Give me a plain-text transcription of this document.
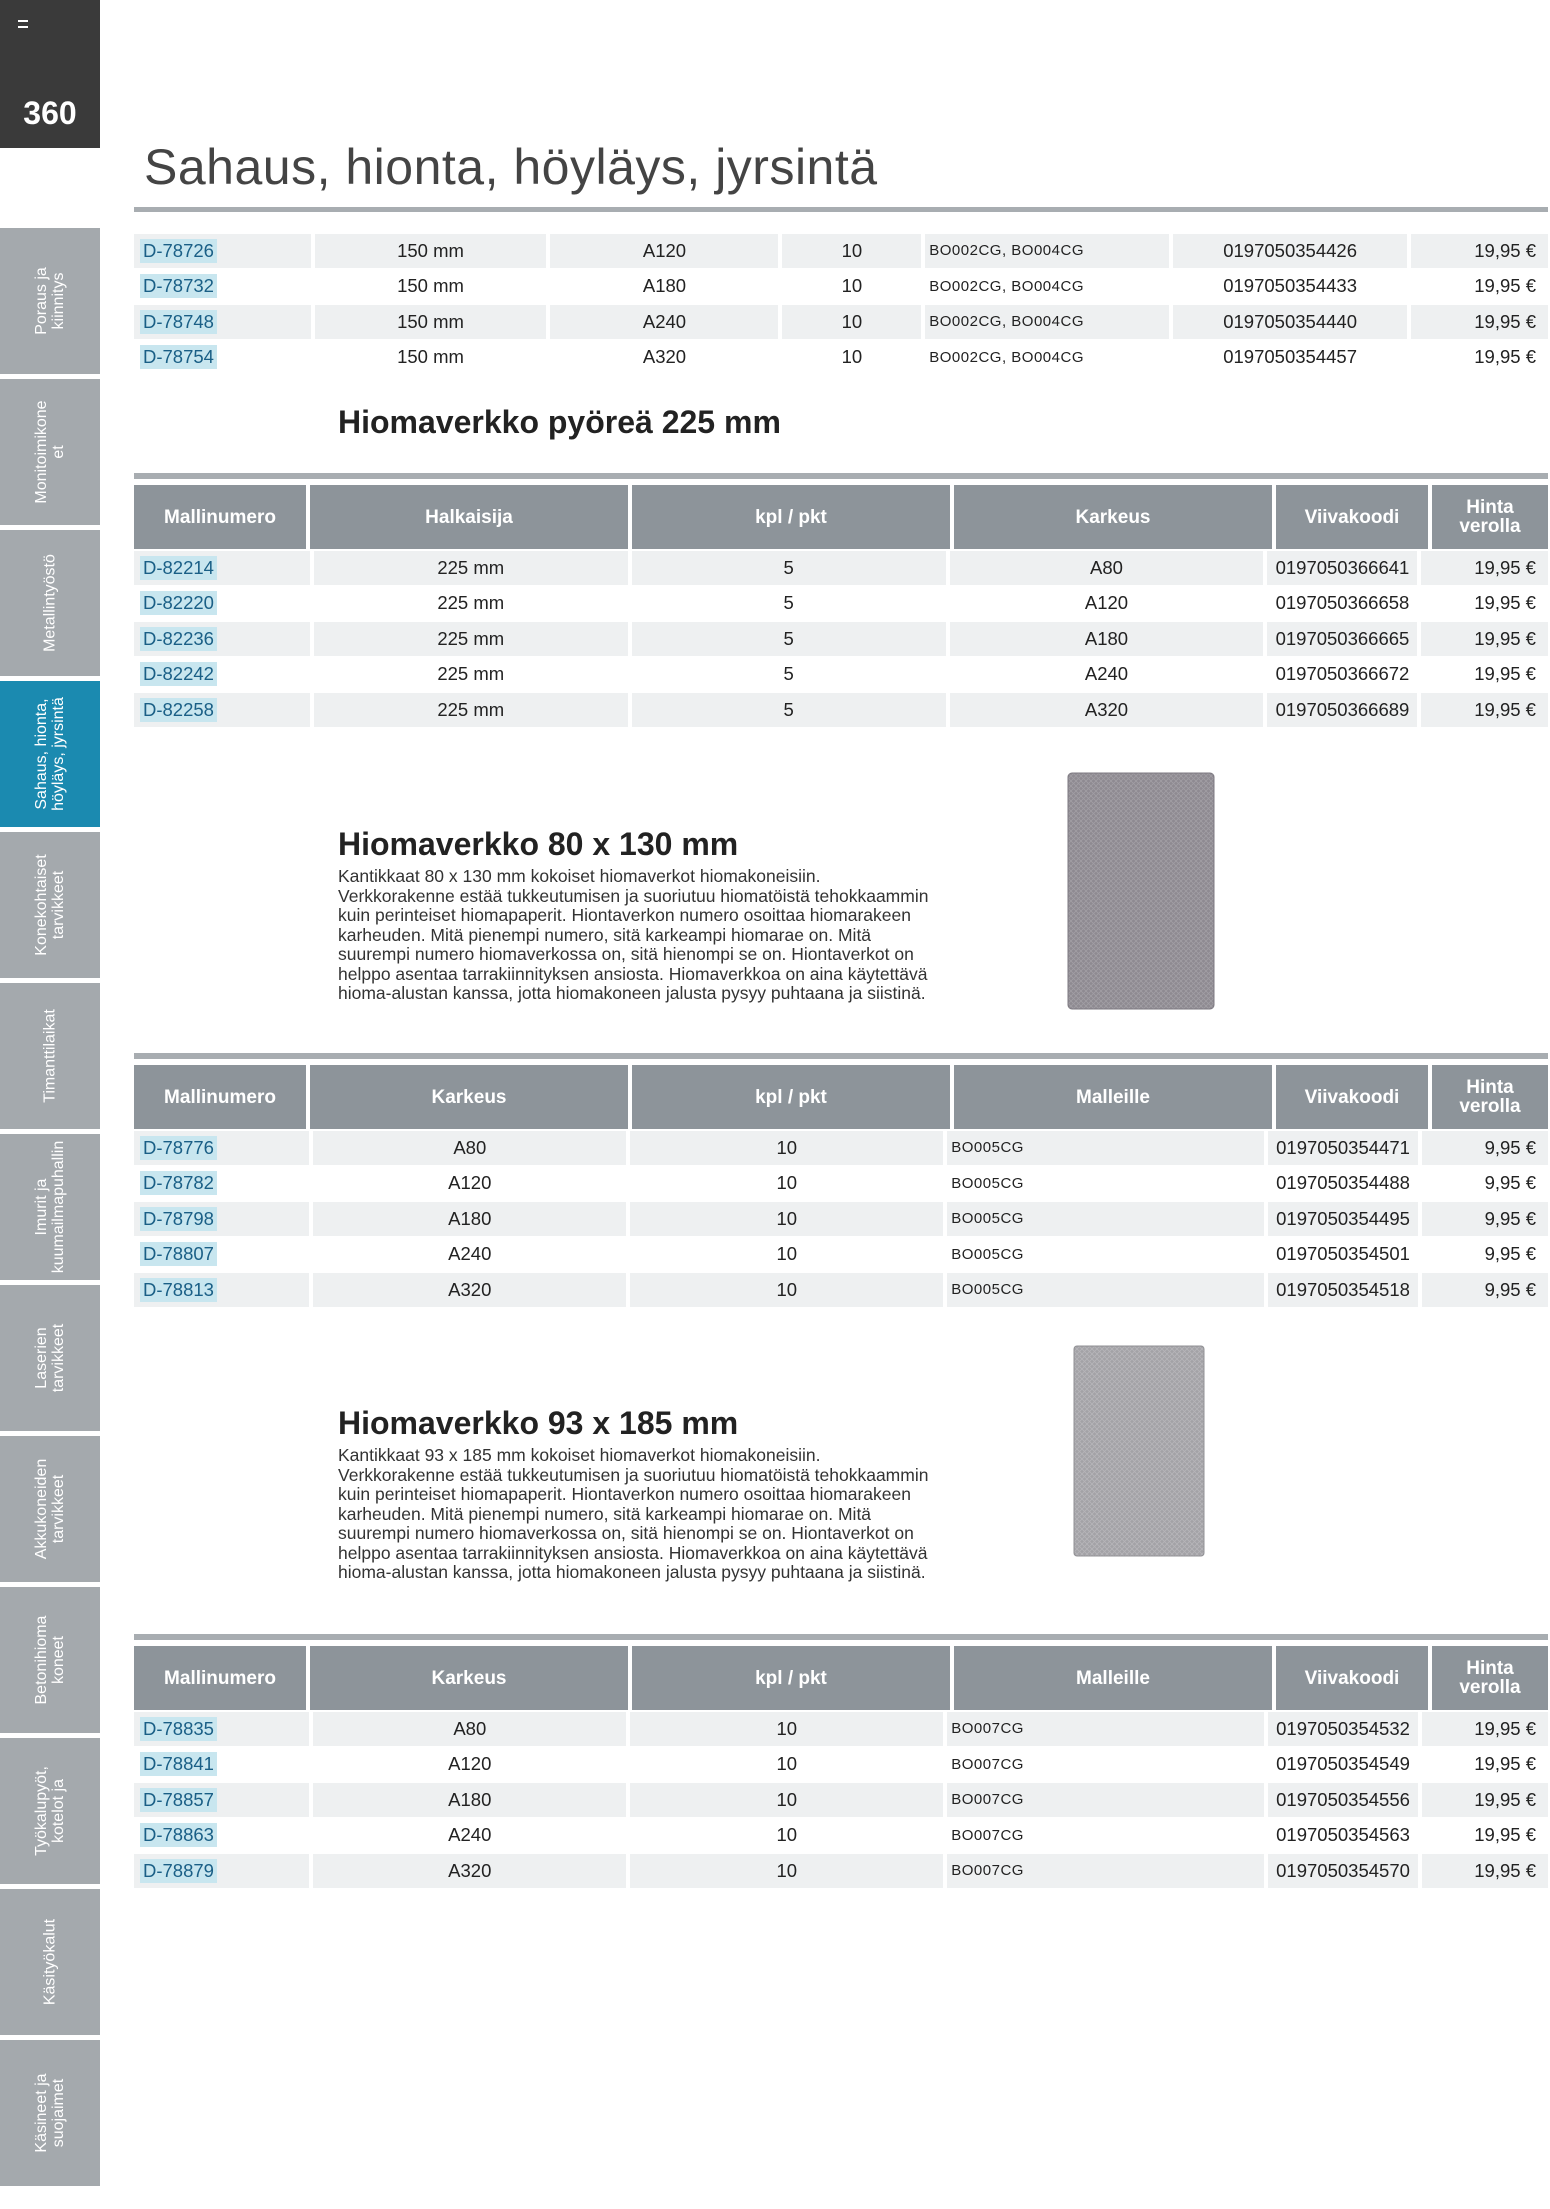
360
Poraus ja
kiinnitys
Monitoimikone
et
Metallintyöstö
Sahaus, hionta,
höyläys, jyrsintä
Konekohtaiset
tarvikkeet
Timanttilaikat
Imurit ja
kuumailmapuhallin
Laserien
tarvikkeet
Akkukoneiden
tarvikkeet
Betonihioma
koneet
Työkalupyöt,
kotelot ja
Käsityökalut
Käsineet ja
suojaimet
Sahaus, hionta, höyläys, jyrsintä
D-78726	150 mm	A120	10	BO002CG, BO004CG	0197050354426	19,95 €
D-78732	150 mm	A180	10	BO002CG, BO004CG	0197050354433	19,95 €
D-78748	150 mm	A240	10	BO002CG, BO004CG	0197050354440	19,95 €
D-78754	150 mm	A320	10	BO002CG, BO004CG	0197050354457	19,95 €
Hiomaverkko pyöreä 225 mm
Mallinumero	Halkaisija	kpl / pkt	Karkeus	Viivakoodi	Hinta
verolla
D-82214	225 mm	5	A80	0197050366641	19,95 €
D-82220	225 mm	5	A120	0197050366658	19,95 €
D-82236	225 mm	5	A180	0197050366665	19,95 €
D-82242	225 mm	5	A240	0197050366672	19,95 €
D-82258	225 mm	5	A320	0197050366689	19,95 €
Hiomaverkko 80 x 130 mm
Kantikkaat 80 x 130 mm kokoiset hiomaverkot hiomakoneisiin. Verkkorakenne estää tukkeutumisen ja suoriutuu hiomatöistä tehokkaammin kuin perinteiset hiomapaperit. Hiontaverkon numero osoittaa hiomarakeen karheuden. Mitä pienempi numero, sitä karkeampi hiomarae on. Mitä suurempi numero hiomaverkossa on, sitä hienompi se on. Hiontaverkot on helppo asentaa tarrakiinnityksen ansiosta. Hiomaverkkoa on aina käytettävä hioma-alustan kanssa, jotta hiomakoneen jalusta pysyy puhtaana ja siistinä.
Mallinumero	Karkeus	kpl / pkt	Malleille	Viivakoodi	Hinta
verolla
D-78776	A80	10	BO005CG	0197050354471	9,95 €
D-78782	A120	10	BO005CG	0197050354488	9,95 €
D-78798	A180	10	BO005CG	0197050354495	9,95 €
D-78807	A240	10	BO005CG	0197050354501	9,95 €
D-78813	A320	10	BO005CG	0197050354518	9,95 €
Hiomaverkko 93 x 185 mm
Kantikkaat 93 x 185 mm kokoiset hiomaverkot hiomakoneisiin. Verkkorakenne estää tukkeutumisen ja suoriutuu hiomatöistä tehokkaammin kuin perinteiset hiomapaperit. Hiontaverkon numero osoittaa hiomarakeen karheuden. Mitä pienempi numero, sitä karkeampi hiomarae on. Mitä suurempi numero hiomaverkossa on, sitä hienompi se on. Hiontaverkot on helppo asentaa tarrakiinnityksen ansiosta. Hiomaverkkoa on aina käytettävä hioma-alustan kanssa, jotta hiomakoneen jalusta pysyy puhtaana ja siistinä.
Mallinumero	Karkeus	kpl / pkt	Malleille	Viivakoodi	Hinta
verolla
D-78835	A80	10	BO007CG	0197050354532	19,95 €
D-78841	A120	10	BO007CG	0197050354549	19,95 €
D-78857	A180	10	BO007CG	0197050354556	19,95 €
D-78863	A240	10	BO007CG	0197050354563	19,95 €
D-78879	A320	10	BO007CG	0197050354570	19,95 €
